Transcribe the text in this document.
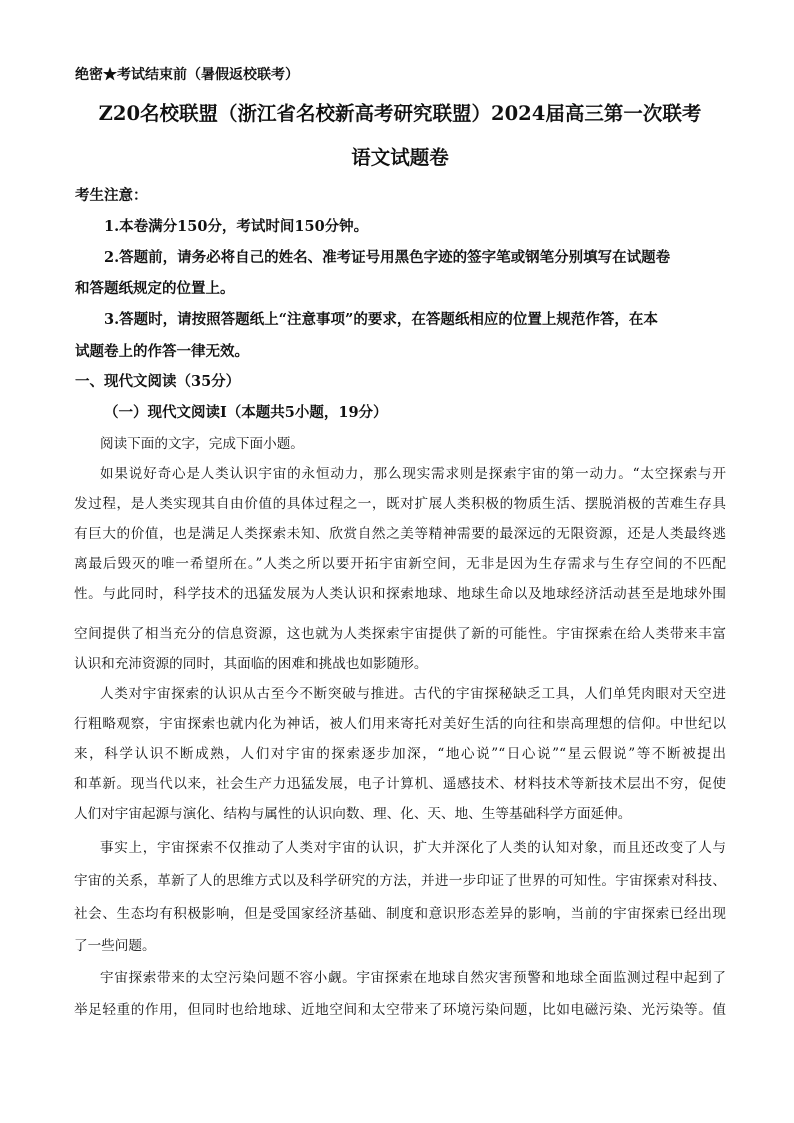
绝密★考试结束前（暑假返校联考）
Z20名校联盟（浙江省名校新高考研究联盟）2024届高三第一次联考
语文试题卷
考生注意：
1.本卷满分150分，考试时间150分钟。
2.答题前，请务必将自己的姓名、准考证号用黑色字迹的签字笔或钢笔分别填写在试题卷
和答题纸规定的位置上。
3.答题时，请按照答题纸上“注意事项”的要求，在答题纸相应的位置上规范作答，在本
试题卷上的作答一律无效。
一、现代文阅读（35分）
（一）现代文阅读Ⅰ（本题共5小题，19分）
阅读下面的文字，完成下面小题。
如果说好奇心是人类认识宇宙的永恒动力，那么现实需求则是探索宇宙的第一动力。“太空探索与开
发过程，是人类实现其自由价值的具体过程之一，既对扩展人类积极的物质生活、摆脱消极的苦难生存具
有巨大的价值，也是满足人类探索未知、欣赏自然之美等精神需要的最深远的无限资源，还是人类最终逃
离最后毁灭的唯一希望所在。”人类之所以要开拓宇宙新空间，无非是因为生存需求与生存空间的不匹配
性。与此同时，科学技术的迅猛发展为人类认识和探索地球、地球生命以及地球经济活动甚至是地球外围
空间提供了相当充分的信息资源，这也就为人类探索宇宙提供了新的可能性。宇宙探索在给人类带来丰富
认识和充沛资源的同时，其面临的困难和挑战也如影随形。
人类对宇宙探索的认识从古至今不断突破与推进。古代的宇宙探秘缺乏工具，人们单凭肉眼对天空进
行粗略观察，宇宙探索也就内化为神话，被人们用来寄托对美好生活的向往和崇高理想的信仰。中世纪以
来，科学认识不断成熟，人们对宇宙的探索逐步加深，“地心说”“日心说”“星云假说”等不断被提出
和革新。现当代以来，社会生产力迅猛发展，电子计算机、遥感技术、材料技术等新技术层出不穷，促使
人们对宇宙起源与演化、结构与属性的认识向数、理、化、天、地、生等基础科学方面延伸。
事实上，宇宙探索不仅推动了人类对宇宙的认识，扩大并深化了人类的认知对象，而且还改变了人与
宇宙的关系，革新了人的思维方式以及科学研究的方法，并进一步印证了世界的可知性。宇宙探索对科技、
社会、生态均有积极影响，但是受国家经济基础、制度和意识形态差异的影响，当前的宇宙探索已经出现
了一些问题。
宇宙探索带来的太空污染问题不容小觑。宇宙探索在地球自然灾害预警和地球全面监测过程中起到了
举足轻重的作用，但同时也给地球、近地空间和太空带来了环境污染问题，比如电磁污染、光污染等。值
